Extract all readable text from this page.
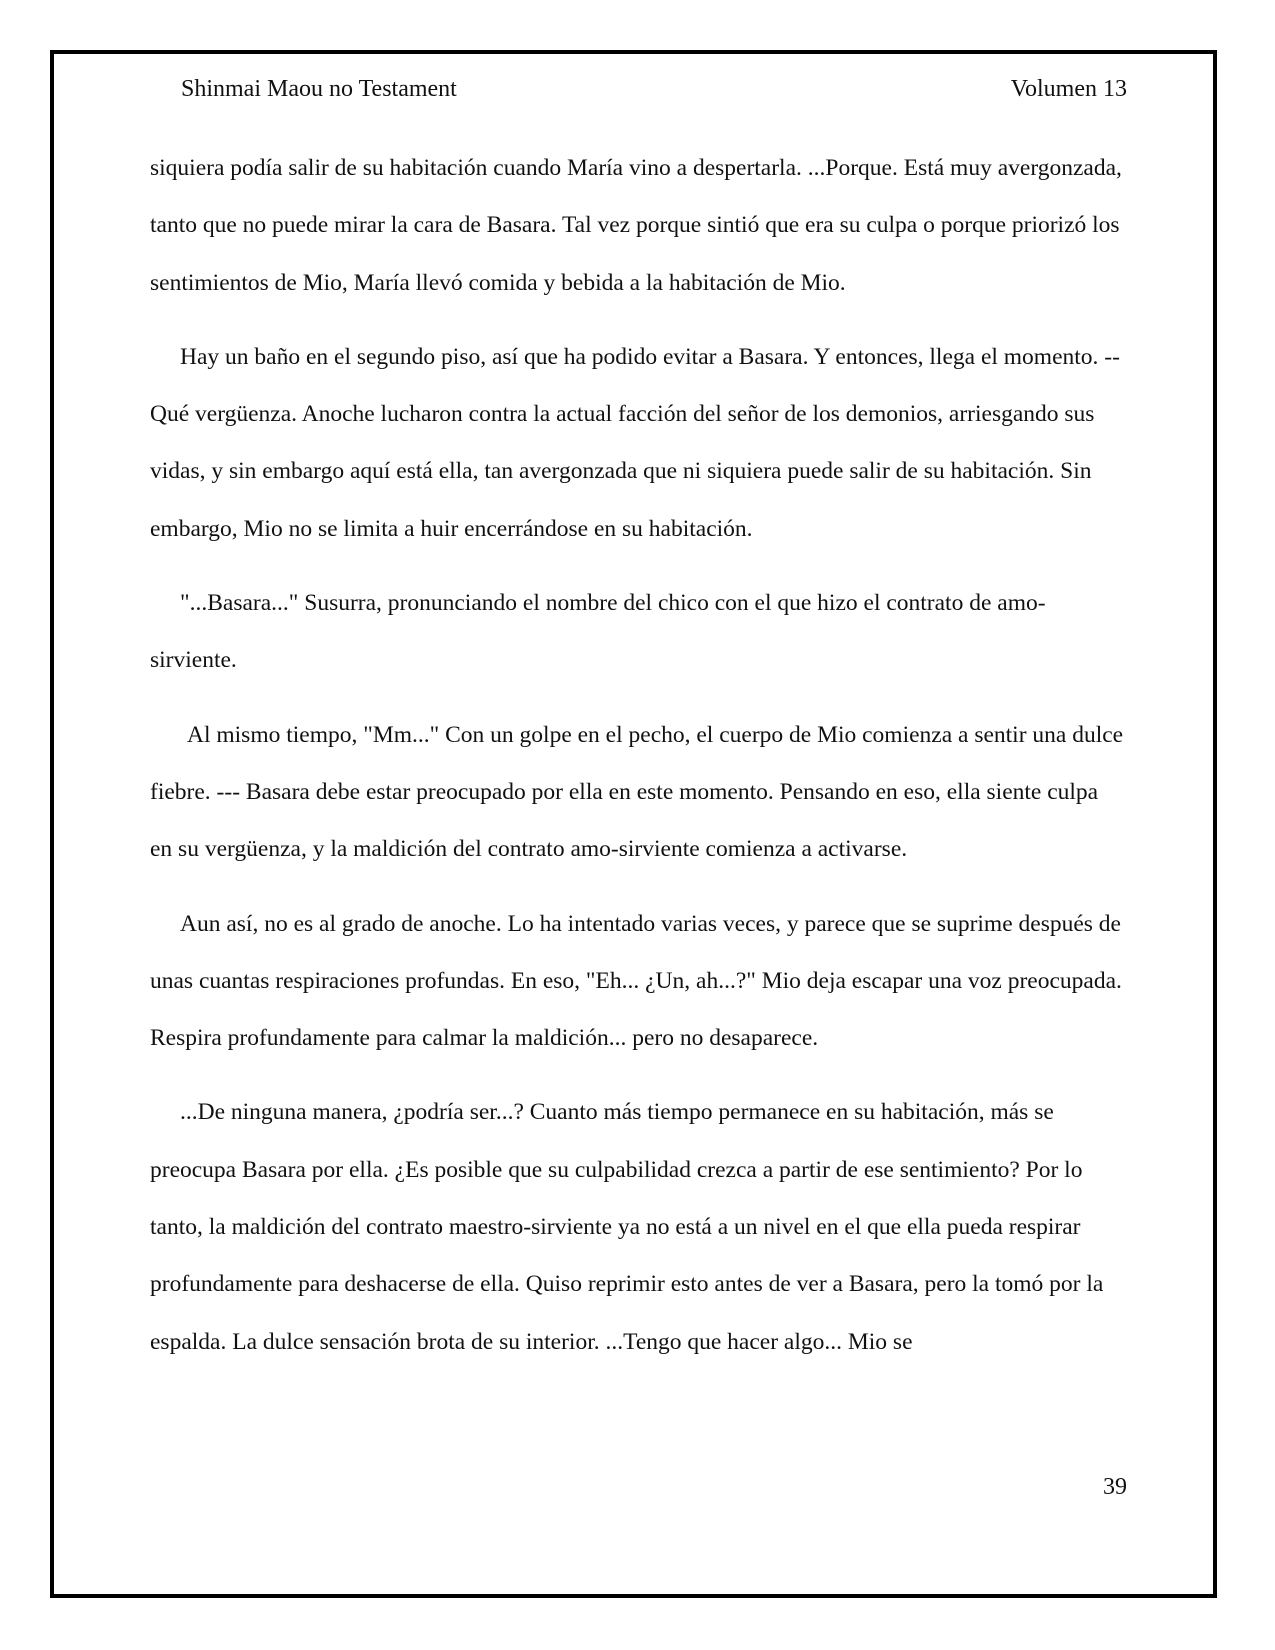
Shinmai Maou no Testament	Volumen 13

siquiera podía salir de su habitación cuando María vino a despertarla. ...Porque. Está muy avergonzada, tanto que no puede mirar la cara de Basara. Tal vez porque sintió que era su culpa o porque priorizó los sentimientos de Mio, María llevó comida y bebida a la habitación de Mio.

Hay un baño en el segundo piso, así que ha podido evitar a Basara. Y entonces, llega el momento. -- Qué vergüenza. Anoche lucharon contra la actual facción del señor de los demonios, arriesgando sus vidas, y sin embargo aquí está ella, tan avergonzada que ni siquiera puede salir de su habitación. Sin embargo, Mio no se limita a huir encerrándose en su habitación.

"...Basara..." Susurra, pronunciando el nombre del chico con el que hizo el contrato de amo-sirviente.

Al mismo tiempo, "Mm..." Con un golpe en el pecho, el cuerpo de Mio comienza a sentir una dulce fiebre. --- Basara debe estar preocupado por ella en este momento. Pensando en eso, ella siente culpa en su vergüenza, y la maldición del contrato amo-sirviente comienza a activarse.

Aun así, no es al grado de anoche. Lo ha intentado varias veces, y parece que se suprime después de unas cuantas respiraciones profundas. En eso, "Eh... ¿Un, ah...?" Mio deja escapar una voz preocupada. Respira profundamente para calmar la maldición... pero no desaparece.

...De ninguna manera, ¿podría ser...? Cuanto más tiempo permanece en su habitación, más se preocupa Basara por ella. ¿Es posible que su culpabilidad crezca a partir de ese sentimiento? Por lo tanto, la maldición del contrato maestro-sirviente ya no está a un nivel en el que ella pueda respirar profundamente para deshacerse de ella. Quiso reprimir esto antes de ver a Basara, pero la tomó por la espalda. La dulce sensación brota de su interior. ...Tengo que hacer algo... Mio se

39
